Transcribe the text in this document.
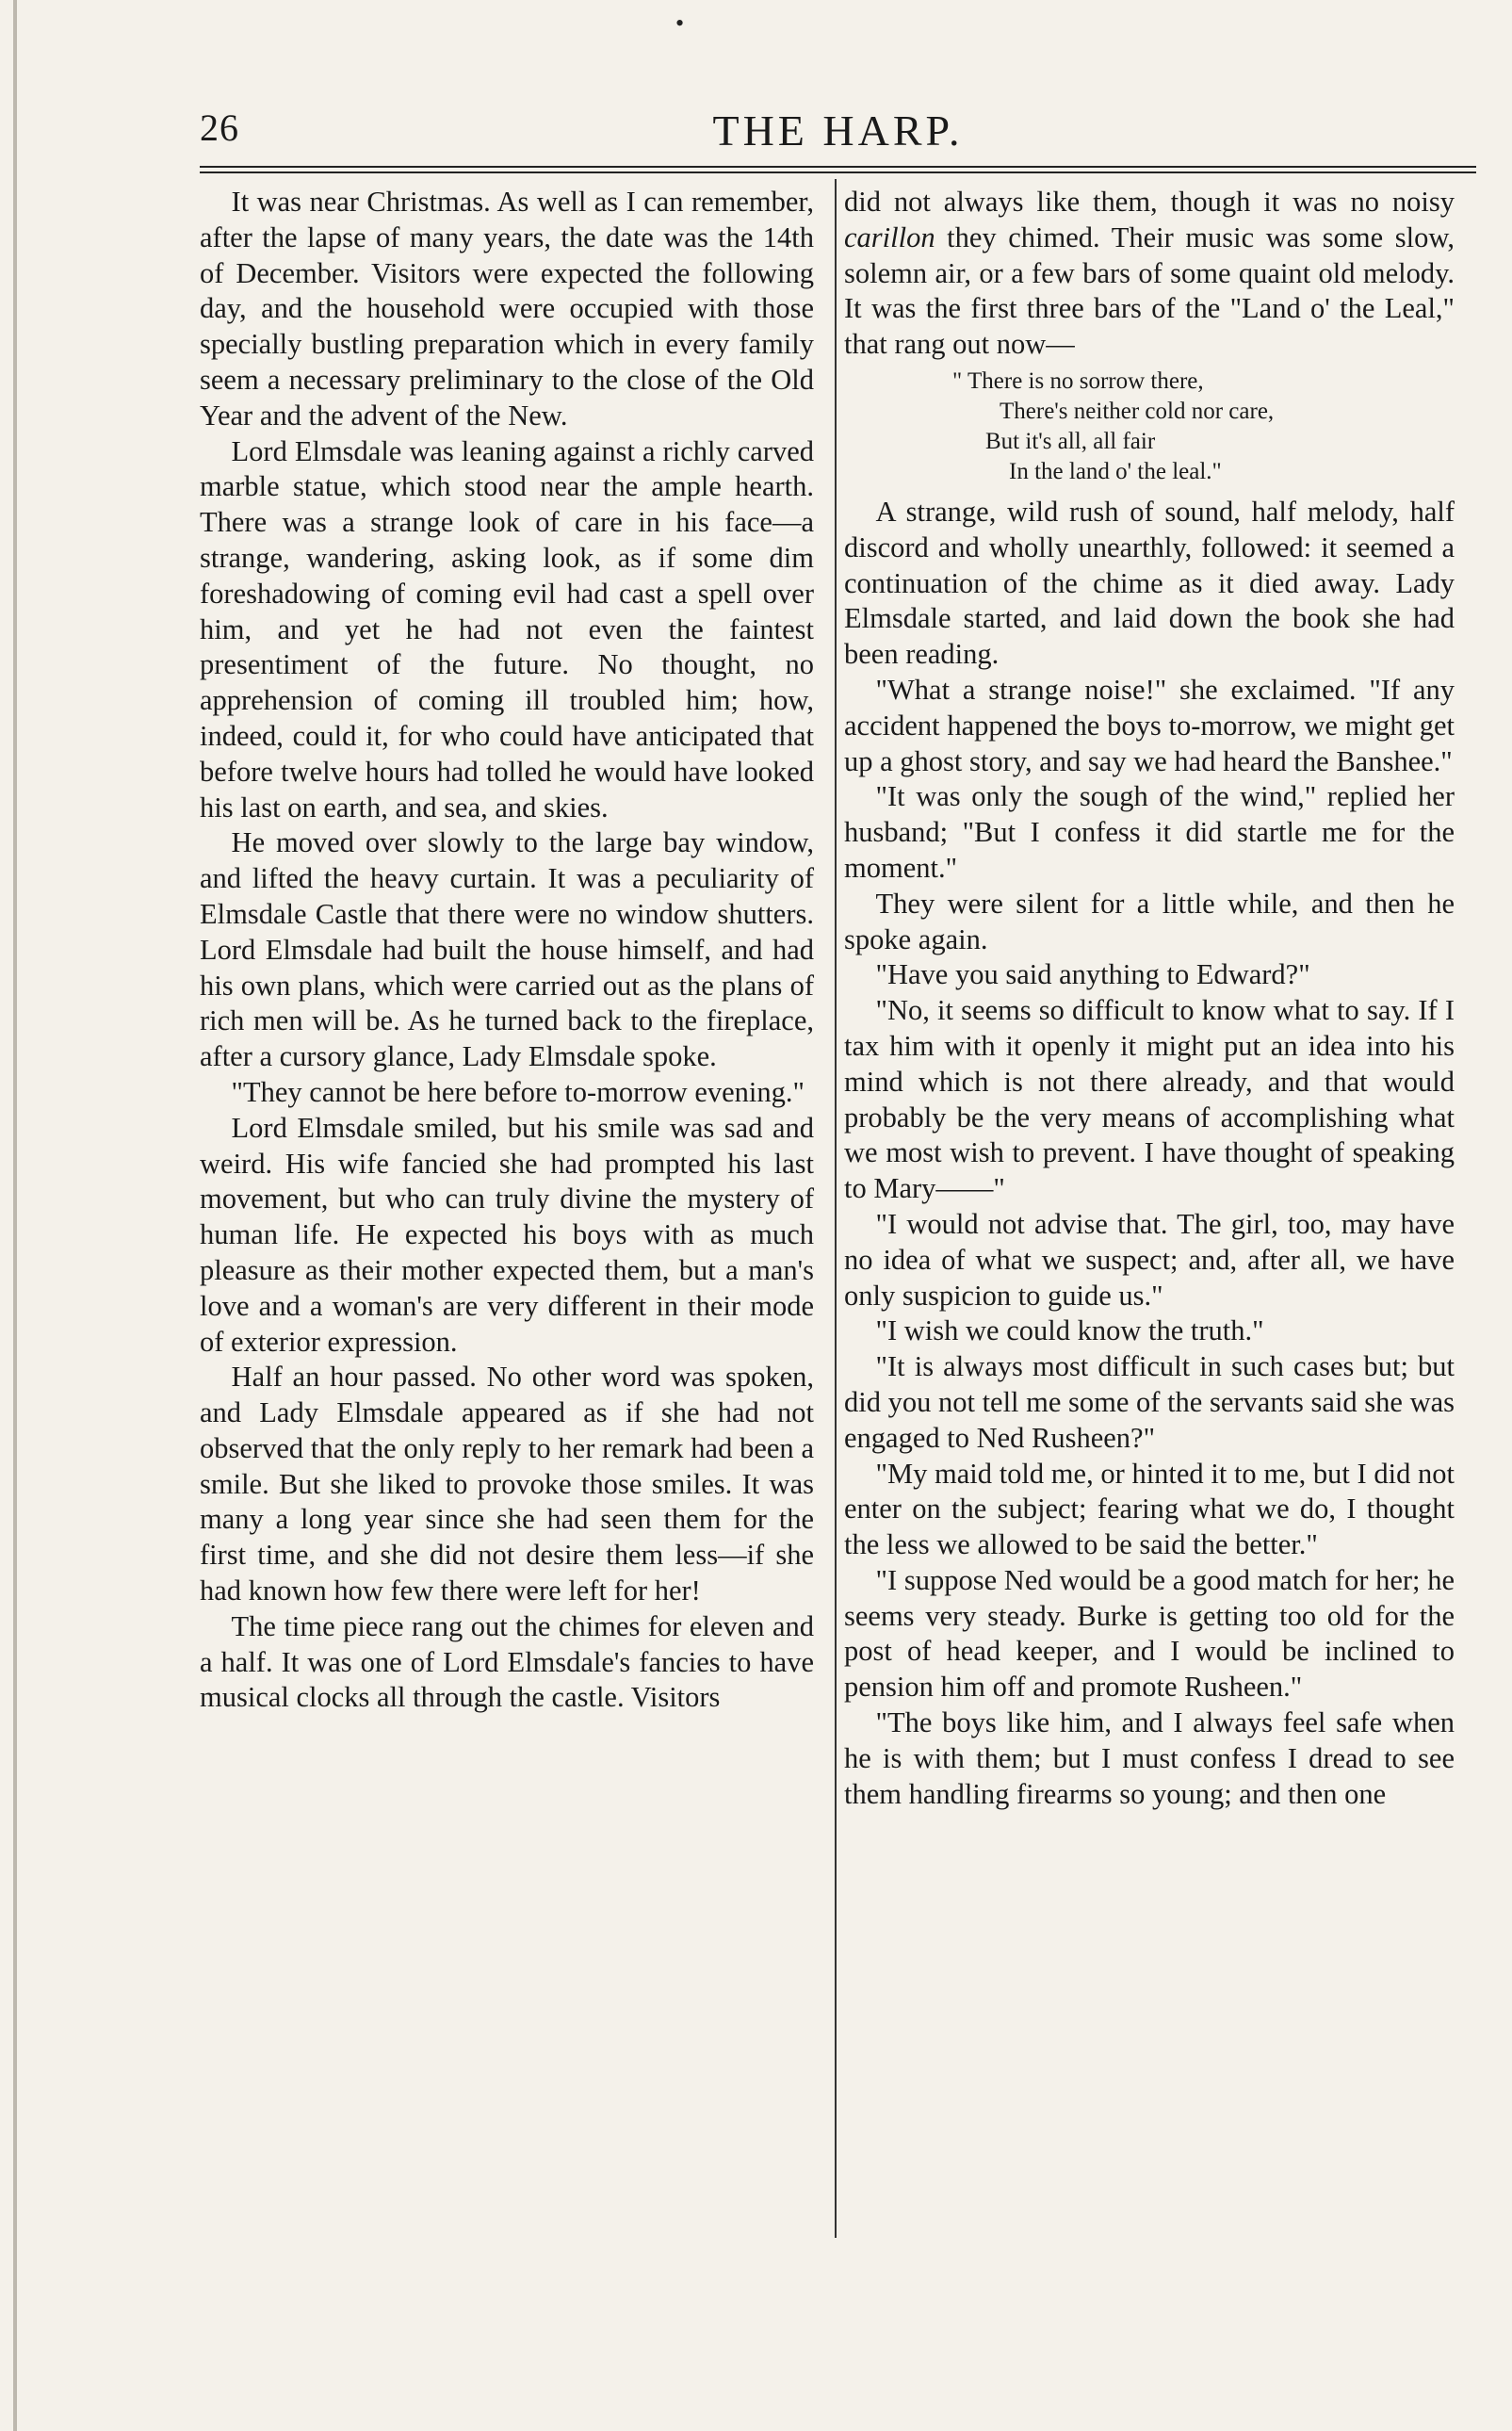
•
26	THE HARP.

It was near Christmas. As well as I can remember, after the lapse of many years, the date was the 14th of December. Visitors were expected the following day, and the household were occupied with those specially bustling preparation which in every family seem a necessary preliminary to the close of the Old Year and the advent of the New.

Lord Elmsdale was leaning against a richly carved marble statue, which stood near the ample hearth. There was a strange look of care in his face—a strange, wandering, asking look, as if some dim foreshadowing of coming evil had cast a spell over him, and yet he had not even the faintest presentiment of the future. No thought, no apprehension of coming ill troubled him; how, indeed, could it, for who could have anticipated that before twelve hours had tolled he would have looked his last on earth, and sea, and skies.

He moved over slowly to the large bay window, and lifted the heavy curtain. It was a peculiarity of Elmsdale Castle that there were no window shutters. Lord Elmsdale had built the house himself, and had his own plans, which were carried out as the plans of rich men will be. As he turned back to the fireplace, after a cursory glance, Lady Elmsdale spoke.

"They cannot be here before to-morrow evening."

Lord Elmsdale smiled, but his smile was sad and weird. His wife fancied she had prompted his last movement, but who can truly divine the mystery of human life. He expected his boys with as much pleasure as their mother expected them, but a man's love and a woman's are very different in their mode of exterior expression.

Half an hour passed. No other word was spoken, and Lady Elmsdale appeared as if she had not observed that the only reply to her remark had been a smile. But she liked to provoke those smiles. It was many a long year since she had seen them for the first time, and she did not desire them less—if she had known how few there were left for her!

The time piece rang out the chimes for eleven and a half. It was one of Lord Elmsdale's fancies to have musical clocks all through the castle. Visitors

did not always like them, though it was no noisy carillon they chimed. Their music was some slow, solemn air, or a few bars of some quaint old melody. It was the first three bars of the "Land o' the Leal," that rang out now—

" There is no sorrow there,
There's neither cold nor care,
But it's all, all fair
In the land o' the leal."

A strange, wild rush of sound, half melody, half discord and wholly unearthly, followed: it seemed a continuation of the chime as it died away. Lady Elmsdale started, and laid down the book she had been reading.

"What a strange noise!" she exclaimed. "If any accident happened the boys to-morrow, we might get up a ghost story, and say we had heard the Banshee."

"It was only the sough of the wind," replied her husband; "But I confess it did startle me for the moment."

They were silent for a little while, and then he spoke again.

"Have you said anything to Edward?"

"No, it seems so difficult to know what to say. If I tax him with it openly it might put an idea into his mind which is not there already, and that would probably be the very means of accomplishing what we most wish to prevent. I have thought of speaking to Mary——"

"I would not advise that. The girl, too, may have no idea of what we suspect; and, after all, we have only suspicion to guide us."

"I wish we could know the truth."

"It is always most difficult in such cases but; but did you not tell me some of the servants said she was engaged to Ned Rusheen?"

"My maid told me, or hinted it to me, but I did not enter on the subject; fearing what we do, I thought the less we allowed to be said the better."

"I suppose Ned would be a good match for her; he seems very steady. Burke is getting too old for the post of head keeper, and I would be inclined to pension him off and promote Rusheen."

"The boys like him, and I always feel safe when he is with them; but I must confess I dread to see them handling firearms so young; and then one
